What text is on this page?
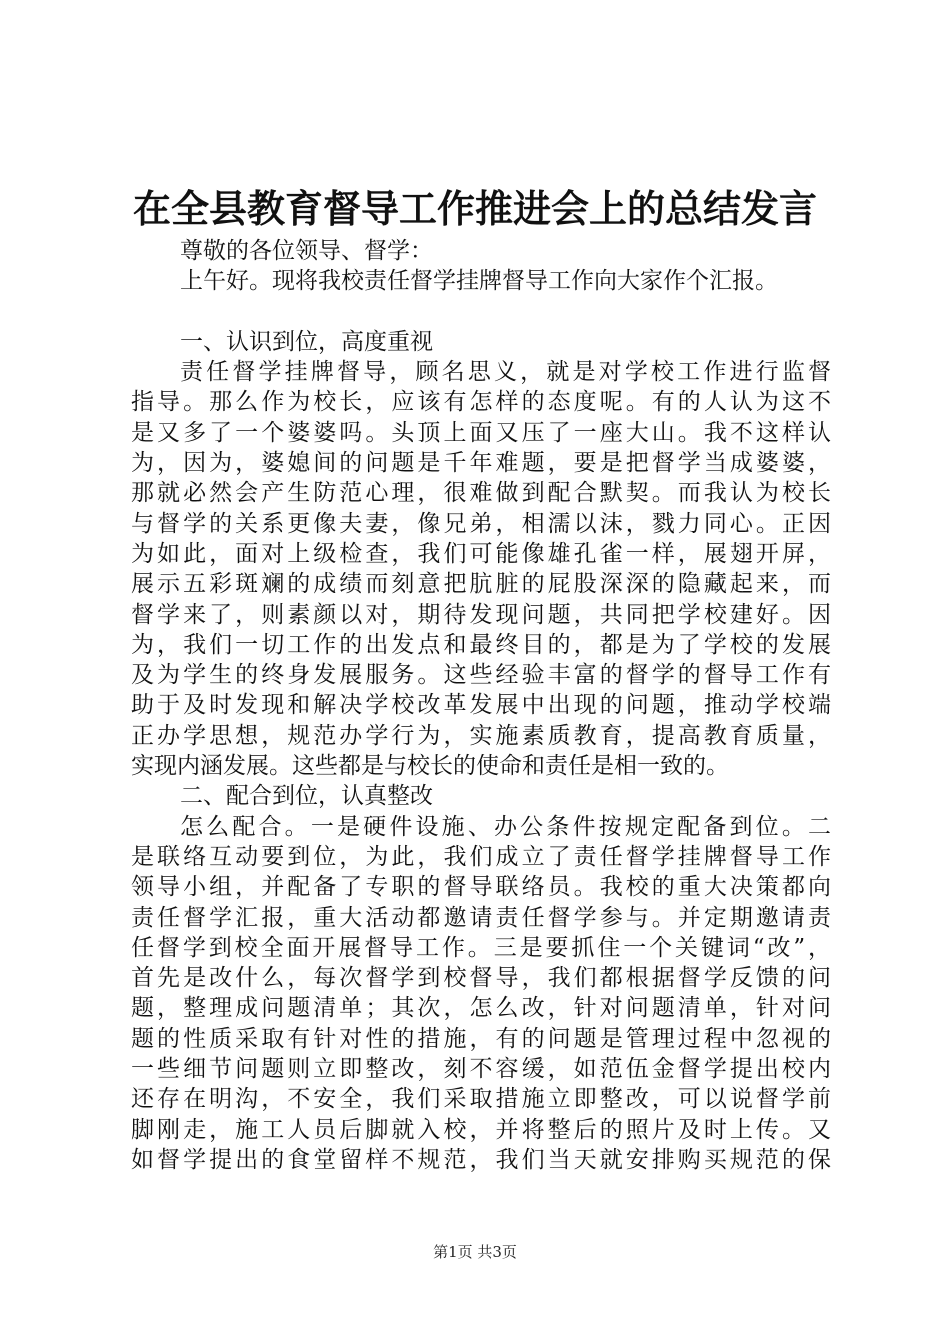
在全县教育督导工作推进会上的总结发言
尊敬的各位领导、督学：
上午好。现将我校责任督学挂牌督导工作向大家作个汇报。
一、认识到位，高度重视
责任督学挂牌督导，顾名思义，就是对学校工作进行监督
指导。那么作为校长，应该有怎样的态度呢。有的人认为这不
是又多了一个婆婆吗。头顶上面又压了一座大山。我不这样认
为，因为，婆媳间的问题是千年难题，要是把督学当成婆婆，
那就必然会产生防范心理，很难做到配合默契。而我认为校长
与督学的关系更像夫妻，像兄弟，相濡以沫，戮力同心。正因
为如此，面对上级检查，我们可能像雄孔雀一样，展翅开屏，
展示五彩斑斓的成绩而刻意把肮脏的屁股深深的隐藏起来，而
督学来了，则素颜以对，期待发现问题，共同把学校建好。因
为，我们一切工作的出发点和最终目的，都是为了学校的发展
及为学生的终身发展服务。这些经验丰富的督学的督导工作有
助于及时发现和解决学校改革发展中出现的问题，推动学校端
正办学思想，规范办学行为，实施素质教育，提高教育质量，
实现内涵发展。这些都是与校长的使命和责任是相一致的。
二、配合到位，认真整改
怎么配合。一是硬件设施、办公条件按规定配备到位。二
是联络互动要到位，为此，我们成立了责任督学挂牌督导工作
领导小组，并配备了专职的督导联络员。我校的重大决策都向
责任督学汇报，重大活动都邀请责任督学参与。并定期邀请责
任督学到校全面开展督导工作。三是要抓住一个关键词“改”，
首先是改什么，每次督学到校督导，我们都根据督学反馈的问
题，整理成问题清单；其次，怎么改，针对问题清单，针对问
题的性质采取有针对性的措施，有的问题是管理过程中忽视的
一些细节问题则立即整改，刻不容缓，如范伍金督学提出校内
还存在明沟，不安全，我们采取措施立即整改，可以说督学前
脚刚走，施工人员后脚就入校，并将整后的照片及时上传。又
如督学提出的食堂留样不规范，我们当天就安排购买规范的保
第1页 共3页
